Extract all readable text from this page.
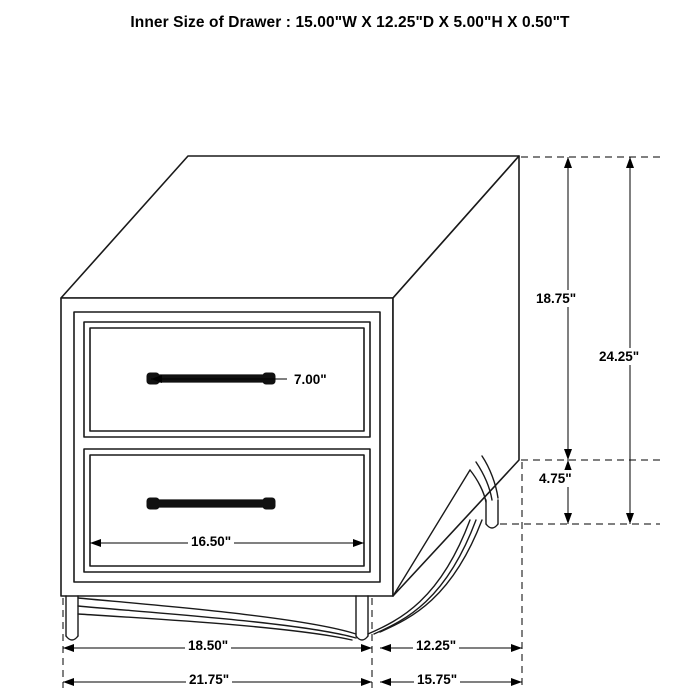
Inner Size of Drawer : 15.00"W X 12.25"D X 5.00"H X 0.50"T
18.75"
4.75"
24.25"
7.00"
16.50"
18.50"	12.25"
21.75"	15.75"
